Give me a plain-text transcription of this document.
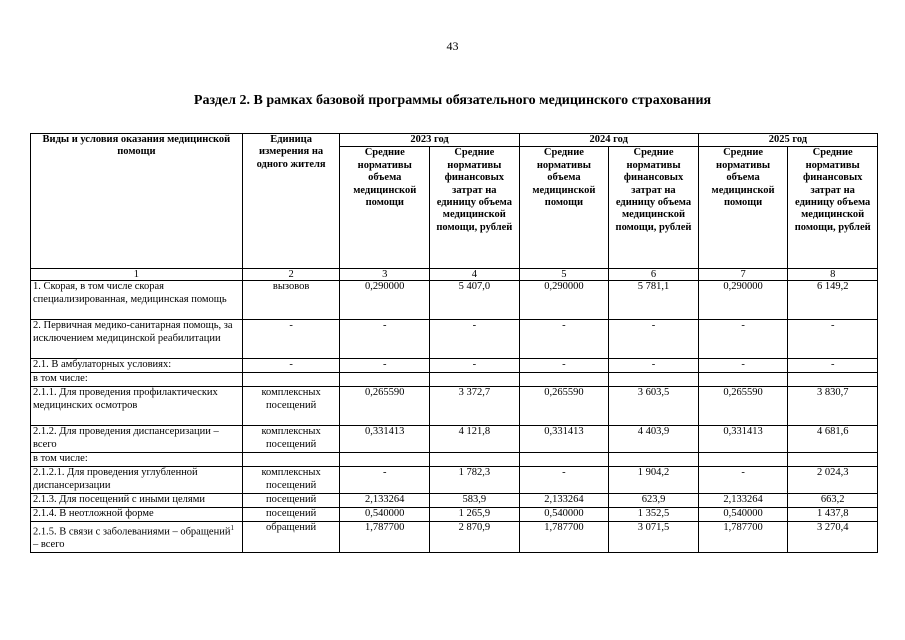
43
Раздел 2. В рамках базовой программы обязательного медицинского страхования
Виды и условия оказания медицинской помощи	Единица измерения на одного жителя	2023 год		2024 год		2025 год	
		Средние нормативы объема медицинской помощи	Средние нормативы финансовых затрат на единицу объема медицинской помощи, рублей	Средние нормативы объема медицинской помощи	Средние нормативы финансовых затрат на единицу объема медицинской помощи, рублей	Средние нормативы объема медицинской помощи	Средние нормативы финансовых затрат на единицу объема медицинской помощи, рублей
1	2	3	4	5	6	7	8
1. Скорая, в том числе скорая специализированная, медицинская помощь	вызовов	0,290000	5 407,0	0,290000	5 781,1	0,290000	6 149,2
2. Первичная медико-санитарная помощь, за исключением медицинской реабилитации	-	-	-	-	-	-	-
2.1. В амбулаторных условиях:	-	-	-	-	-	-	-
в том числе:							
2.1.1. Для проведения профилактических медицинских осмотров	комплексных посещений	0,265590	3 372,7	0,265590	3 603,5	0,265590	3 830,7
2.1.2. Для проведения диспансеризации – всего	комплексных посещений	0,331413	4 121,8	0,331413	4 403,9	0,331413	4 681,6
в том числе:							
2.1.2.1. Для проведения углубленной диспансеризации	комплексных посещений	-	1 782,3	-	1 904,2	-	2 024,3
2.1.3. Для посещений с иными целями	посещений	2,133264	583,9	2,133264	623,9	2,133264	663,2
2.1.4. В неотложной форме	посещений	0,540000	1 265,9	0,540000	1 352,5	0,540000	1 437,8
2.1.5. В связи с заболеваниями – обращений$^1$ – всего	обращений	1,787700	2 870,9	1,787700	3 071,5	1,787700	3 270,4
